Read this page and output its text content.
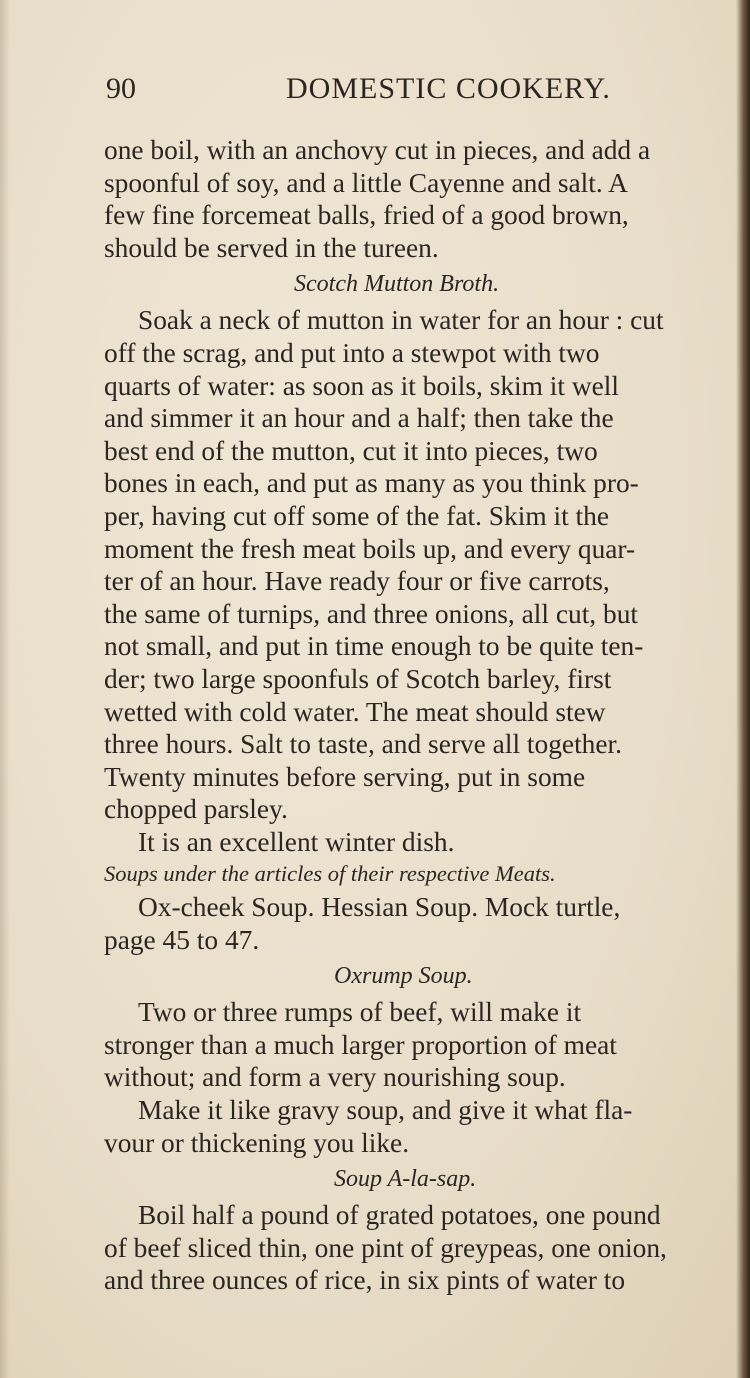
90	DOMESTIC COOKERY.
one boil, with an anchovy cut in pieces, and add a
spoonful of soy, and a little Cayenne and salt. A
few fine forcemeat balls, fried of a good brown,
should be served in the tureen.
Scotch Mutton Broth.
Soak a neck of mutton in water for an hour : cut
off the scrag, and put into a stewpot with two
quarts of water: as soon as it boils, skim it well
and simmer it an hour and a half; then take the
best end of the mutton, cut it into pieces, two
bones in each, and put as many as you think pro-
per, having cut off some of the fat. Skim it the
moment the fresh meat boils up, and every quar-
ter of an hour. Have ready four or five carrots,
the same of turnips, and three onions, all cut, but
not small, and put in time enough to be quite ten-
der; two large spoonfuls of Scotch barley, first
wetted with cold water. The meat should stew
three hours. Salt to taste, and serve all together.
Twenty minutes before serving, put in some
chopped parsley.
It is an excellent winter dish.
Soups under the articles of their respective Meats.
Ox-cheek Soup. Hessian Soup. Mock turtle,
page 45 to 47.
Oxrump Soup.
Two or three rumps of beef, will make it
stronger than a much larger proportion of meat
without; and form a very nourishing soup.
Make it like gravy soup, and give it what fla-
vour or thickening you like.
Soup A-la-sap.
Boil half a pound of grated potatoes, one pound
of beef sliced thin, one pint of greypeas, one onion,
and three ounces of rice, in six pints of water to
